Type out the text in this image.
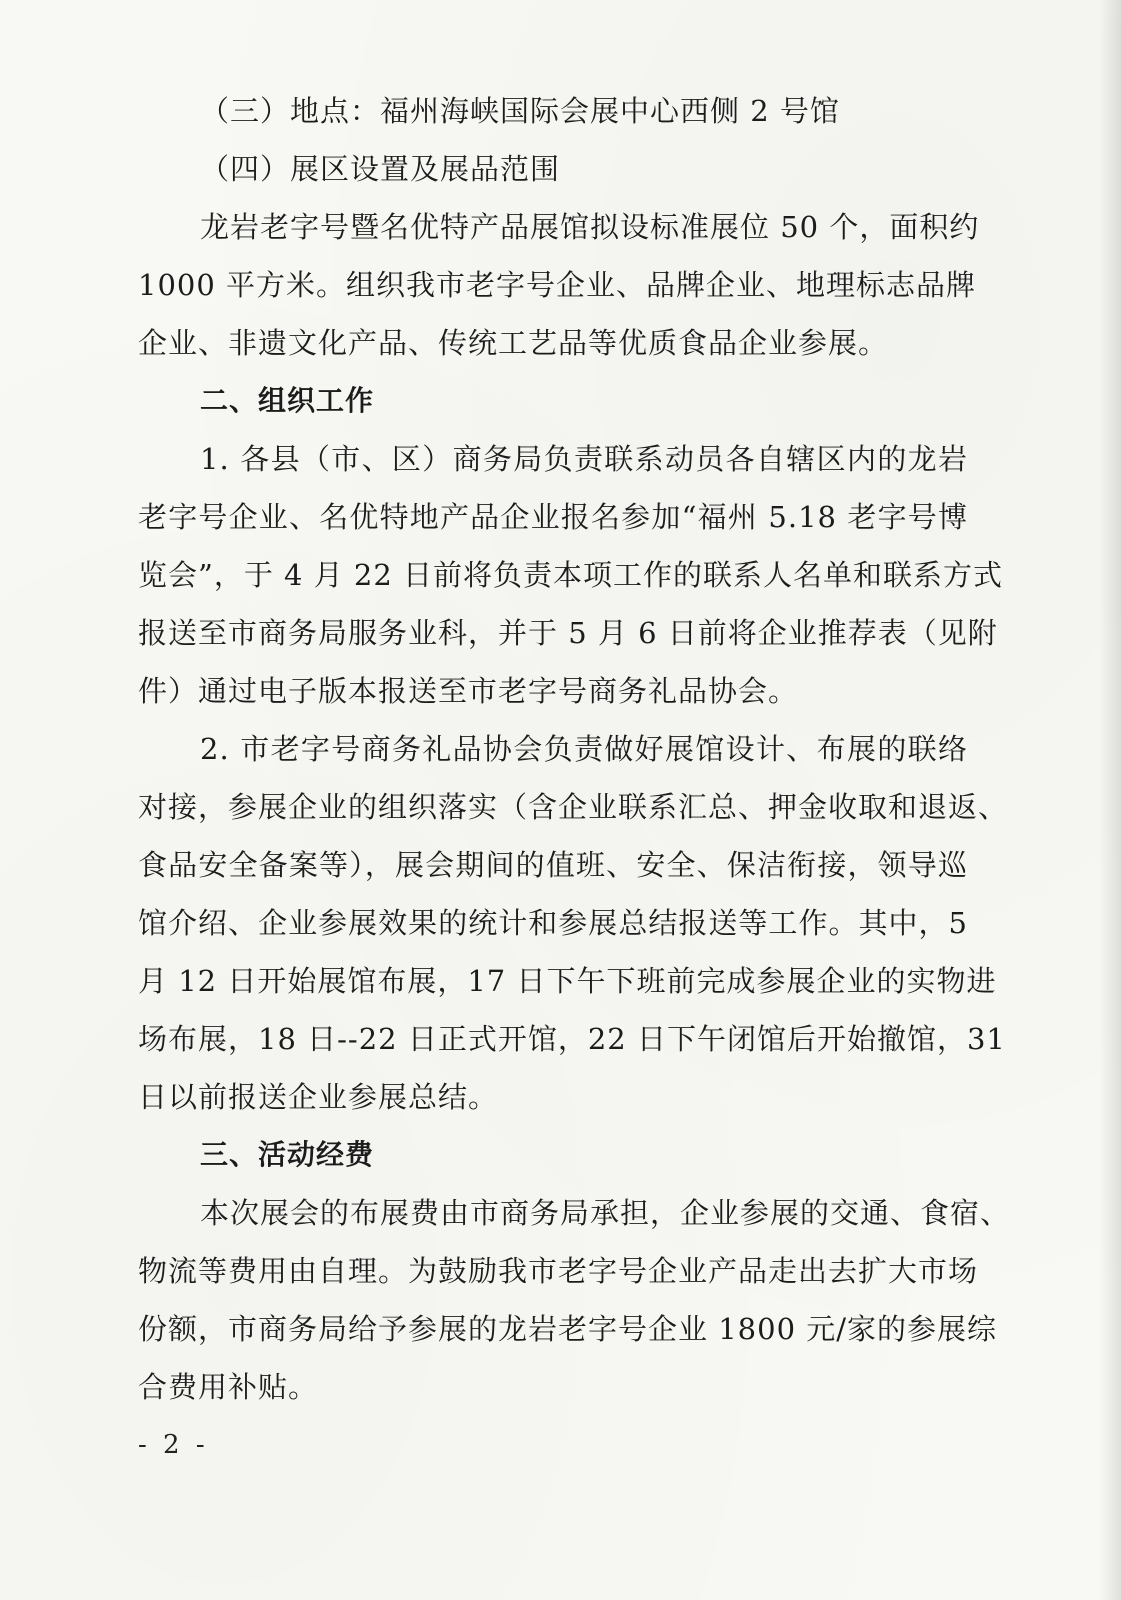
（三）地点：福州海峡国际会展中心西侧 2 号馆
（四）展区设置及展品范围
龙岩老字号暨名优特产品展馆拟设标准展位 50 个，面积约
1000 平方米。组织我市老字号企业、品牌企业、地理标志品牌
企业、非遗文化产品、传统工艺品等优质食品企业参展。
二、组织工作
1. 各县（市、区）商务局负责联系动员各自辖区内的龙岩
老字号企业、名优特地产品企业报名参加“福州 5.18 老字号博
览会”，于 4 月 22 日前将负责本项工作的联系人名单和联系方式
报送至市商务局服务业科，并于 5 月 6 日前将企业推荐表（见附
件）通过电子版本报送至市老字号商务礼品协会。
2. 市老字号商务礼品协会负责做好展馆设计、布展的联络
对接，参展企业的组织落实（含企业联系汇总、押金收取和退返、
食品安全备案等），展会期间的值班、安全、保洁衔接，领导巡
馆介绍、企业参展效果的统计和参展总结报送等工作。其中，5
月 12 日开始展馆布展，17 日下午下班前完成参展企业的实物进
场布展，18 日--22 日正式开馆，22 日下午闭馆后开始撤馆，31
日以前报送企业参展总结。
三、活动经费
本次展会的布展费由市商务局承担，企业参展的交通、食宿、
物流等费用由自理。为鼓励我市老字号企业产品走出去扩大市场
份额，市商务局给予参展的龙岩老字号企业 1800 元/家的参展综
合费用补贴。
- 2 -
